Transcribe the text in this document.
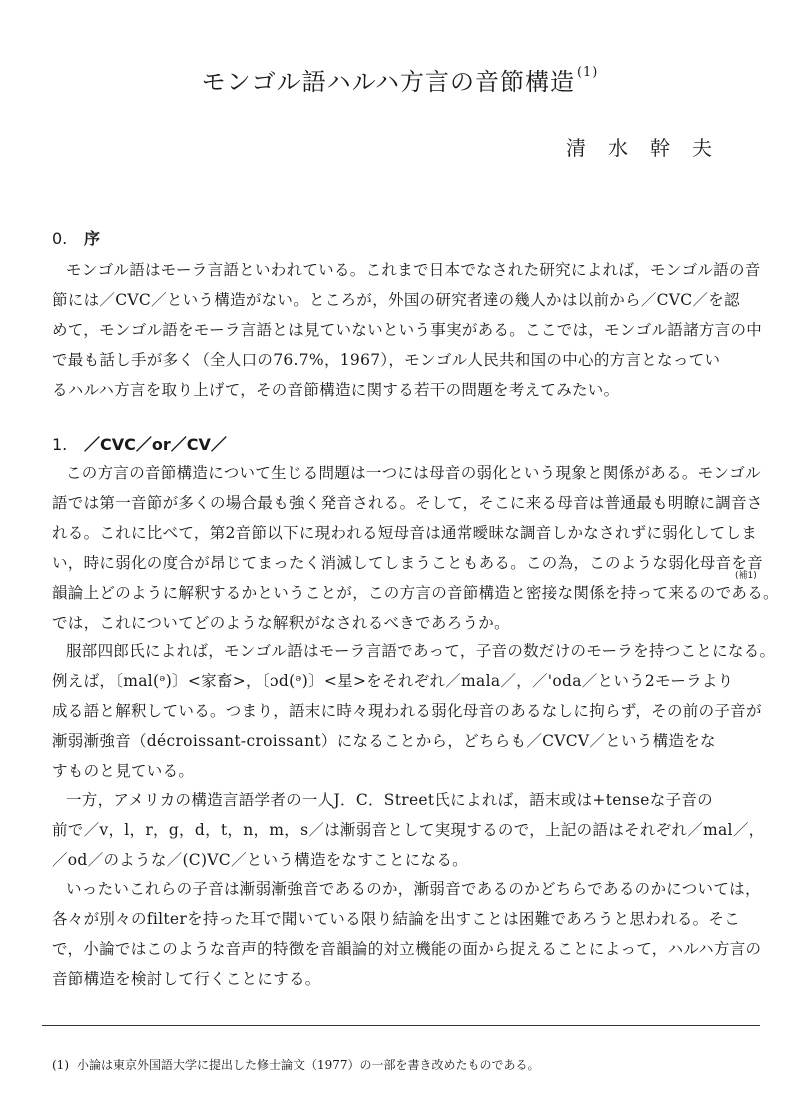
モンゴル語ハルハ方言の音節構造 $^{(1)}$
清水幹夫
0. 序
モンゴル語はモーラ言語といわれている。これまで日本でなされた研究によれば，モンゴル語の音
節には／CVC／という構造がない。ところが，外国の研究者達の幾人かは以前から／CVC／を認
めて，モンゴル語をモーラ言語とは見ていないという事実がある。ここでは，モンゴル語諸方言の中
で最も話し手が多く（全人口の76.7%，1967），モンゴル人民共和国の中心的方言となってい
るハルハ方言を取り上げて，その音節構造に関する若干の問題を考えてみたい。
1. ／CVC／or／CV／
この方言の音節構造について生じる問題は一つには母音の弱化という現象と関係がある。モンゴル
語では第一音節が多くの場合最も強く発音される。そして，そこに来る母音は普通最も明瞭に調音さ
れる。これに比べて，第2音節以下に現われる短母音は通常曖昧な調音しかなされずに弱化してしま
い，時に弱化の度合が昂じてまったく消滅してしまうこともある。この為，このような弱化母音を音
韻論上どのように解釈するかということが，この方言の音節構造と密接な関係を持って来るのである。
では，これについてどのような解釈がなされるべきであろうか。
(補1)
服部四郎氏によれば，モンゴル語はモーラ言語であって，子音の数だけのモーラを持つことになる。
例えば，〔mal(ᵊ)〕<家畜>，〔ɔd(ᵊ)〕<星>をそれぞれ／mala／，／'oda／という2モーラより
成る語と解釈している。つまり，語末に時々現われる弱化母音のあるなしに拘らず，その前の子音が
漸弱漸強音（décroissant-croissant）になることから，どちらも／CVCV／という構造をな
すものと見ている。
一方，アメリカの構造言語学者の一人J．C．Street氏によれば，語末或は+tenseな子音の
前で／v，l，r，g，d，t，n，m，s／は漸弱音として実現するので，上記の語はそれぞれ／mal／，
／od／のような／(C)VC／という構造をなすことになる。
いったいこれらの子音は漸弱漸強音であるのか，漸弱音であるのかどちらであるのかについては，
各々が別々のfilterを持った耳で聞いている限り結論を出すことは困難であろうと思われる。そこ
で，小論ではこのような音声的特徴を音韻論的対立機能の面から捉えることによって，ハルハ方言の
音節構造を検討して行くことにする。
(1) 小論は東京外国語大学に提出した修士論文（1977）の一部を書き改めたものである。
